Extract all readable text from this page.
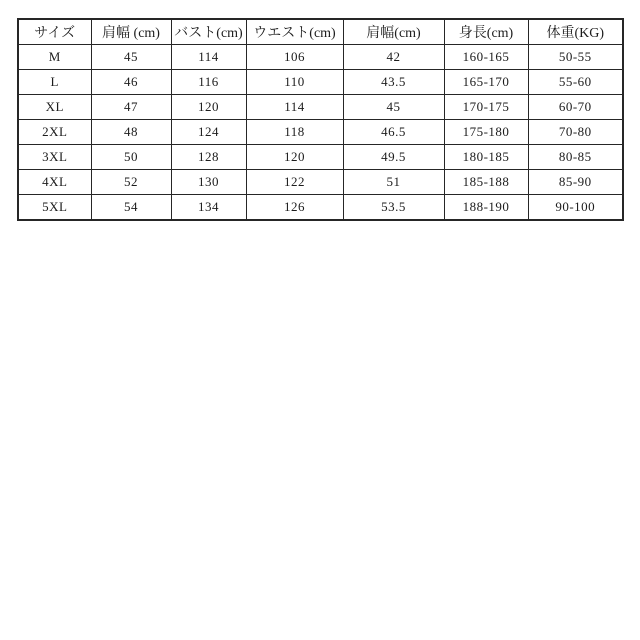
サイズ	肩幅 (cm)	バスト(cm)	ウエスト(cm)	肩幅(cm)	身長(cm)	体重(KG)
M	45	114	106	42	160-165	50-55
L	46	116	110	43.5	165-170	55-60
XL	47	120	114	45	170-175	60-70
2XL	48	124	118	46.5	175-180	70-80
3XL	50	128	120	49.5	180-185	80-85
4XL	52	130	122	51	185-188	85-90
5XL	54	134	126	53.5	188-190	90-100
